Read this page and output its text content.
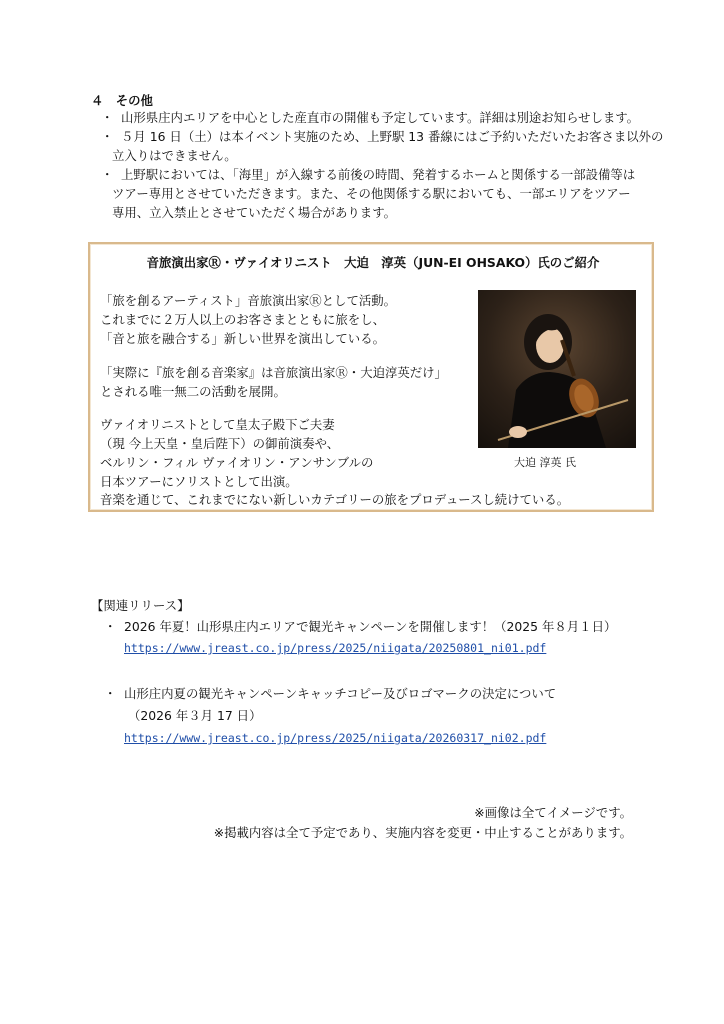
４　その他
・ 山形県庄内エリアを中心とした産直市の開催も予定しています。詳細は別途お知らせします。
・ ５月 16 日（土）は本イベント実施のため、上野駅 13 番線にはご予約いただいたお客さま以外の
立入りはできません。
・ 上野駅においては、「海里」が入線する前後の時間、発着するホームと関係する一部設備等は
ツアー専用とさせていただきます。また、その他関係する駅においても、一部エリアをツアー
専用、立入禁止とさせていただく場合があります。
音旅演出家Ⓡ・ヴァイオリニスト　大迫　淳英（JUN-EI OHSAKO）氏のご紹介
「旅を創るアーティスト」音旅演出家Ⓡとして活動。
これまでに２万人以上のお客さまとともに旅をし、
「音と旅を融合する」新しい世界を演出している。
「実際に『旅を創る音楽家』は音旅演出家Ⓡ・大迫淳英だけ」
とされる唯一無二の活動を展開。
ヴァイオリニストとして皇太子殿下ご夫妻
（現 今上天皇・皇后陛下）の御前演奏や、
ベルリン・フィル ヴァイオリン・アンサンブルの
日本ツアーにソリストとして出演。
音楽を通じて、これまでにない新しいカテゴリーの旅をプロデュースし続けている。
大迫 淳英 氏
【関連リリース】
・ 2026 年夏！山形県庄内エリアで観光キャンペーンを開催します！（2025 年８月１日）
https://www.jreast.co.jp/press/2025/niigata/20250801_ni01.pdf
・ 山形庄内夏の観光キャンペーンキャッチコピー及びロゴマークの決定について
（2026 年３月 17 日）
https://www.jreast.co.jp/press/2025/niigata/20260317_ni02.pdf
※画像は全てイメージです。
※掲載内容は全て予定であり、実施内容を変更・中止することがあります。
